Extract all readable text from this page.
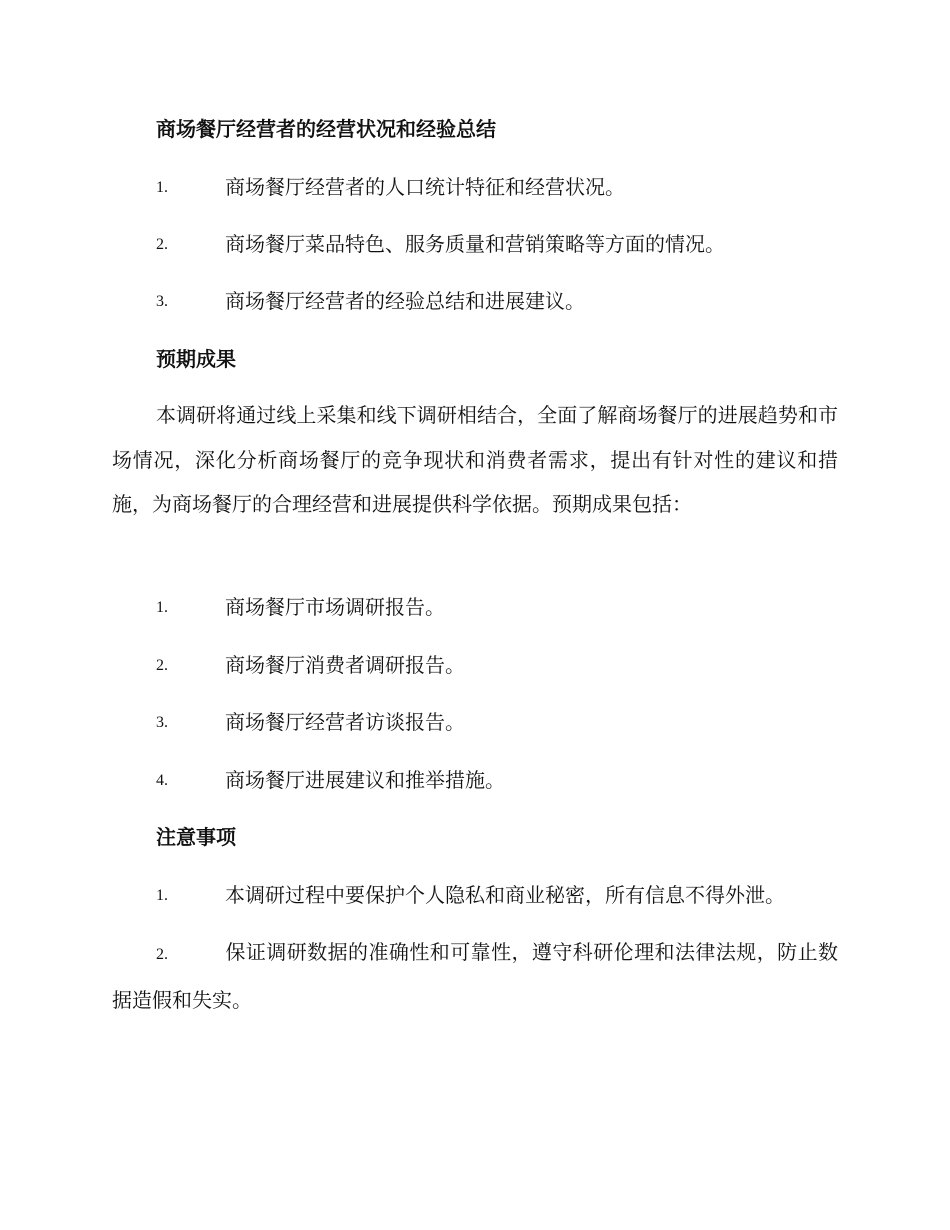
商场餐厅经营者的经营状况和经验总结
1.	商场餐厅经营者的人口统计特征和经营状况。
2.	商场餐厅菜品特色、服务质量和营销策略等方面的情况。
3.	商场餐厅经营者的经验总结和进展建议。
预期成果
本调研将通过线上采集和线下调研相结合，全面了解商场餐厅的进展趋势和市场情况，深化分析商场餐厅的竞争现状和消费者需求，提出有针对性的建议和措施，为商场餐厅的合理经营和进展提供科学依据。预期成果包括：
1.	商场餐厅市场调研报告。
2.	商场餐厅消费者调研报告。
3.	商场餐厅经营者访谈报告。
4.	商场餐厅进展建议和推举措施。
注意事项
1.	本调研过程中要保护个人隐私和商业秘密，所有信息不得外泄。
2.	保证调研数据的准确性和可靠性，遵守科研伦理和法律法规，防止数据造假和失实。
